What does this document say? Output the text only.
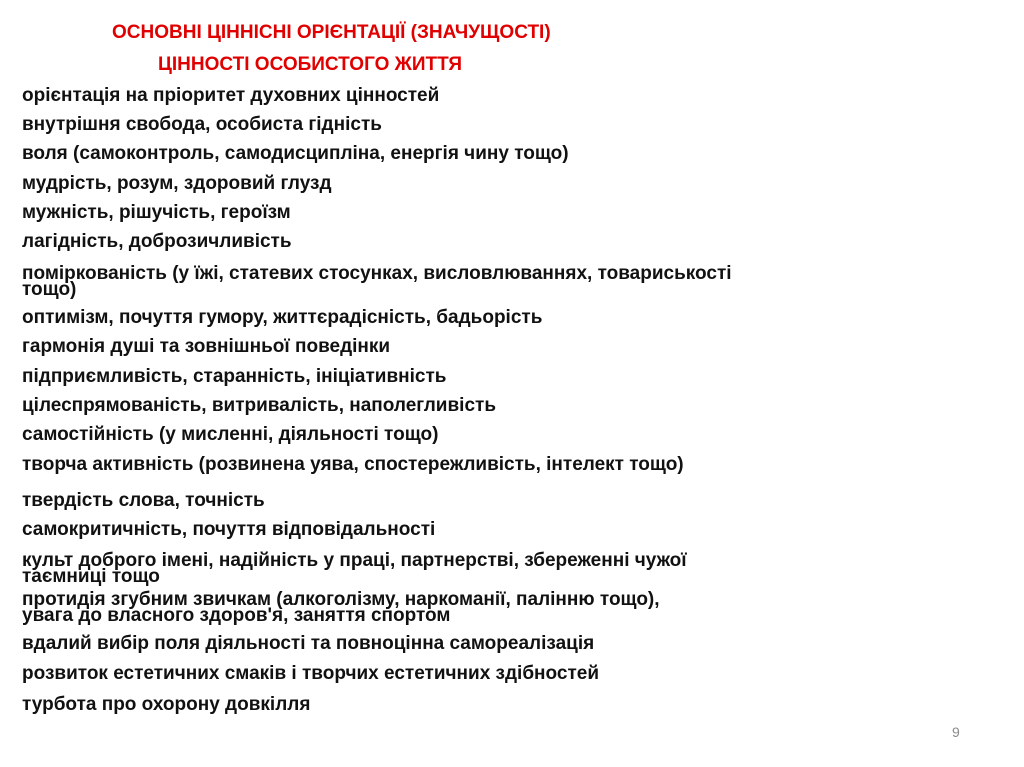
ОСНОВНІ ЦІННІСНІ ОРІЄНТАЦІЇ (ЗНАЧУЩОСТІ)
ЦІННОСТІ ОСОБИСТОГО ЖИТТЯ
орієнтація на пріоритет духовних цінностей
внутрішня свобода, особиста гідність
воля (самоконтроль, самодисципліна, енергія чину тощо)
мудрість, розум, здоровий глузд
мужність, рішучість, героїзм
лагідність, доброзичливість
поміркованість (у їжі, статевих стосунках, висловлюваннях, товариськості
тощо)
оптимізм, почуття гумору, життєрадісність, бадьорість
гармонія душі та зовнішньої поведінки
підприємливість, старанність, ініціативність
цілеспрямованість, витривалість, наполегливість
самостійність (у мисленні, діяльності тощо)
творча активність (розвинена уява, спостережливість, інтелект тощо)
твердість слова, точність
самокритичність, почуття відповідальності
культ доброго імені, надійність у праці, партнерстві, збереженні чужої
таємниці тощо
протидія згубним звичкам (алкоголізму, наркоманії, палінню тощо),
увага до власного здоров'я, заняття спортом
вдалий вибір поля діяльності та повноцінна самореалізація
розвиток естетичних смаків і творчих естетичних здібностей
турбота про охорону довкілля
9
